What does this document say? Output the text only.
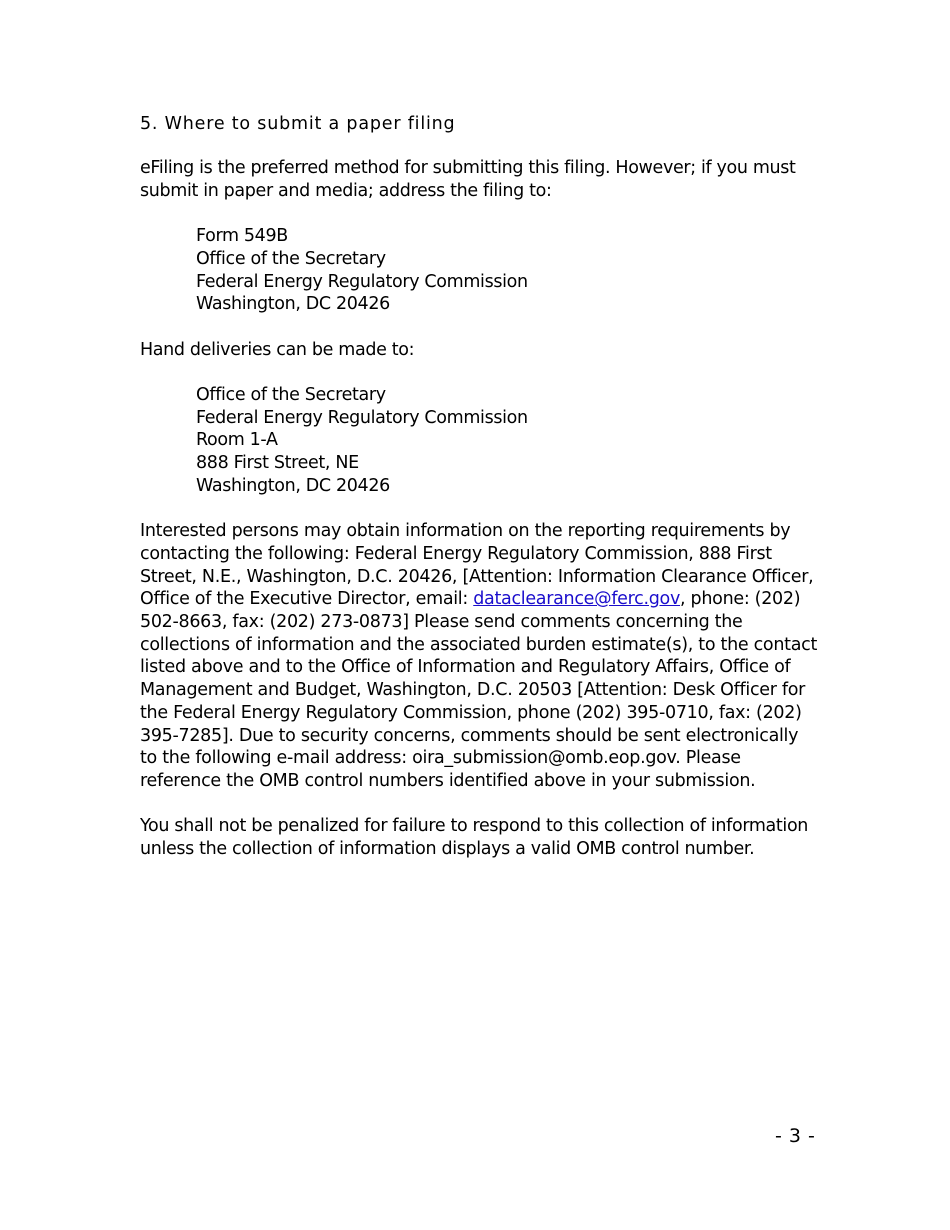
5. Where to submit a paper filing

eFiling is the preferred method for submitting this filing. However; if you must submit in paper and media; address the filing to:

Form 549B
Office of the Secretary
Federal Energy Regulatory Commission
Washington, DC 20426

Hand deliveries can be made to:

Office of the Secretary
Federal Energy Regulatory Commission
Room 1-A
888 First Street, NE
Washington, DC 20426

Interested persons may obtain information on the reporting requirements by contacting the following: Federal Energy Regulatory Commission, 888 First Street, N.E., Washington, D.C. 20426, [Attention: Information Clearance Officer, Office of the Executive Director, email: dataclearance@ferc.gov, phone: (202) 502-8663, fax: (202) 273-0873] Please send comments concerning the collections of information and the associated burden estimate(s), to the contact listed above and to the Office of Information and Regulatory Affairs, Office of Management and Budget, Washington, D.C. 20503 [Attention: Desk Officer for the Federal Energy Regulatory Commission, phone (202) 395-0710, fax: (202) 395-7285]. Due to security concerns, comments should be sent electronically to the following e-mail address: oira_submission@omb.eop.gov. Please reference the OMB control numbers identified above in your submission.

You shall not be penalized for failure to respond to this collection of information unless the collection of information displays a valid OMB control number.

- 3 -
